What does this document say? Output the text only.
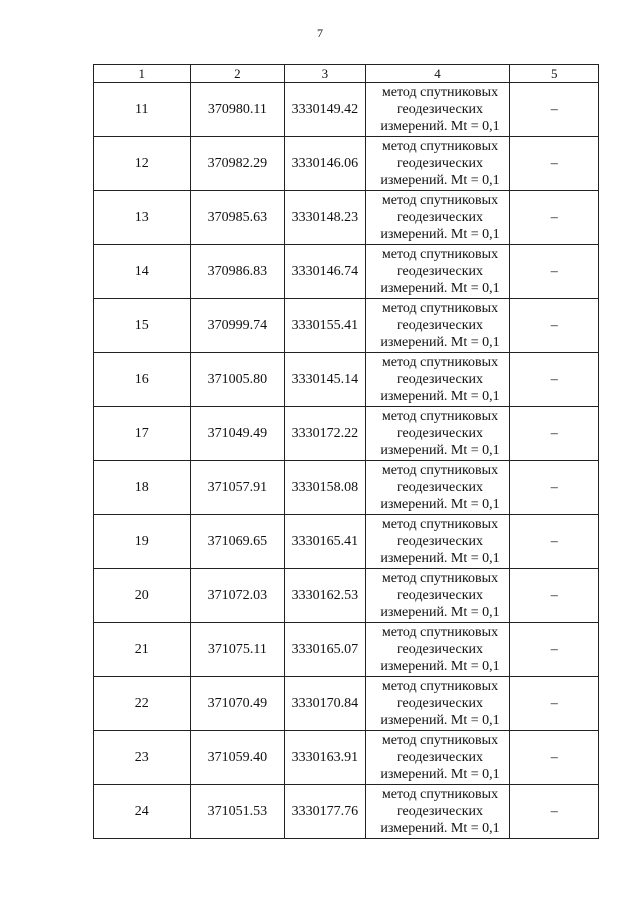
7
1	2	3	4	5
11	370980.11	3330149.42	метод спутниковых
геодезических
измерений. Mt = 0,1	–
12	370982.29	3330146.06	метод спутниковых
геодезических
измерений. Mt = 0,1	–
13	370985.63	3330148.23	метод спутниковых
геодезических
измерений. Mt = 0,1	–
14	370986.83	3330146.74	метод спутниковых
геодезических
измерений. Mt = 0,1	–
15	370999.74	3330155.41	метод спутниковых
геодезических
измерений. Mt = 0,1	–
16	371005.80	3330145.14	метод спутниковых
геодезических
измерений. Mt = 0,1	–
17	371049.49	3330172.22	метод спутниковых
геодезических
измерений. Mt = 0,1	–
18	371057.91	3330158.08	метод спутниковых
геодезических
измерений. Mt = 0,1	–
19	371069.65	3330165.41	метод спутниковых
геодезических
измерений. Mt = 0,1	–
20	371072.03	3330162.53	метод спутниковых
геодезических
измерений. Mt = 0,1	–
21	371075.11	3330165.07	метод спутниковых
геодезических
измерений. Mt = 0,1	–
22	371070.49	3330170.84	метод спутниковых
геодезических
измерений. Mt = 0,1	–
23	371059.40	3330163.91	метод спутниковых
геодезических
измерений. Mt = 0,1	–
24	371051.53	3330177.76	метод спутниковых
геодезических
измерений. Mt = 0,1	–
